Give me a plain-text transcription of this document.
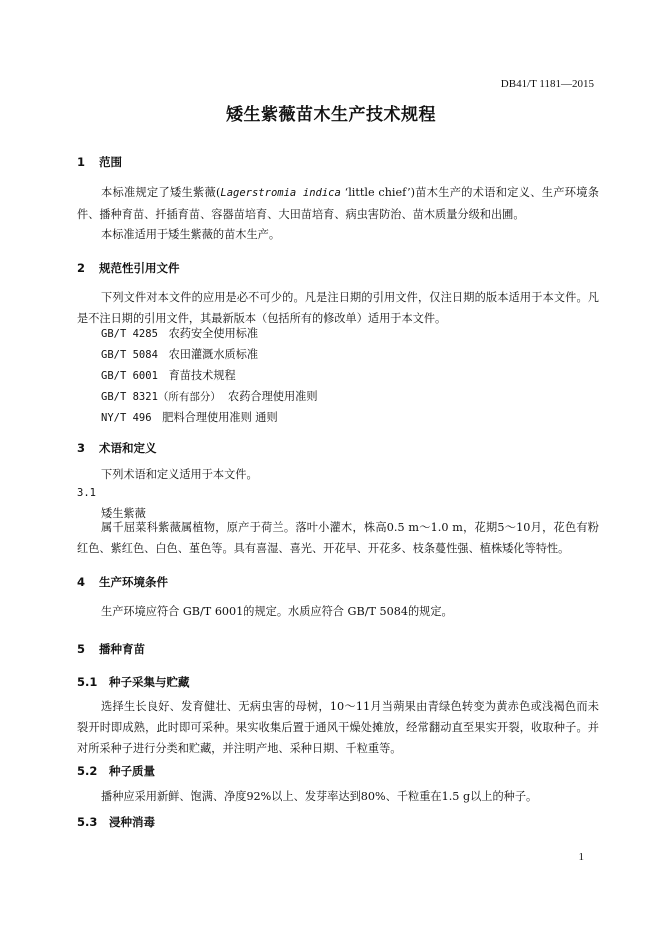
DB41/T 1181—2015
矮生紫薇苗木生产技术规程
1 范围
本标准规定了矮生紫薇(Lagerstromia indica ‘little chief’)苗木生产的术语和定义、生产环境条件、播种育苗、扦插育苗、容器苗培育、大田苗培育、病虫害防治、苗木质量分级和出圃。
本标准适用于矮生紫薇的苗木生产。
2 规范性引用文件
下列文件对本文件的应用是必不可少的。凡是注日期的引用文件，仅注日期的版本适用于本文件。凡是不注日期的引用文件，其最新版本（包括所有的修改单）适用于本文件。
GB/T 4285 农药安全使用标准
GB/T 5084 农田灌溉水质标准
GB/T 6001 育苗技术规程
GB/T 8321（所有部分） 农药合理使用准则
NY/T 496 肥料合理使用准则 通则
3 术语和定义
下列术语和定义适用于本文件。
3.1
矮生紫薇
属千屈菜科紫薇属植物，原产于荷兰。落叶小灌木，株高0.5 m～1.0 m，花期5～10月，花色有粉红色、紫红色、白色、堇色等。具有喜湿、喜光、开花早、开花多、枝条蔓性强、植株矮化等特性。
4 生产环境条件
生产环境应符合 GB/T 6001的规定。水质应符合 GB/T 5084的规定。
5 播种育苗
5.1 种子采集与贮藏
选择生长良好、发育健壮、无病虫害的母树，10～11月当蒴果由青绿色转变为黄赤色或浅褐色而未裂开时即成熟，此时即可采种。果实收集后置于通风干燥处摊放，经常翻动直至果实开裂，收取种子。并对所采种子进行分类和贮藏，并注明产地、采种日期、千粒重等。
5.2 种子质量
播种应采用新鲜、饱满、净度92%以上、发芽率达到80%、千粒重在1.5 g以上的种子。
5.3 浸种消毒
1
